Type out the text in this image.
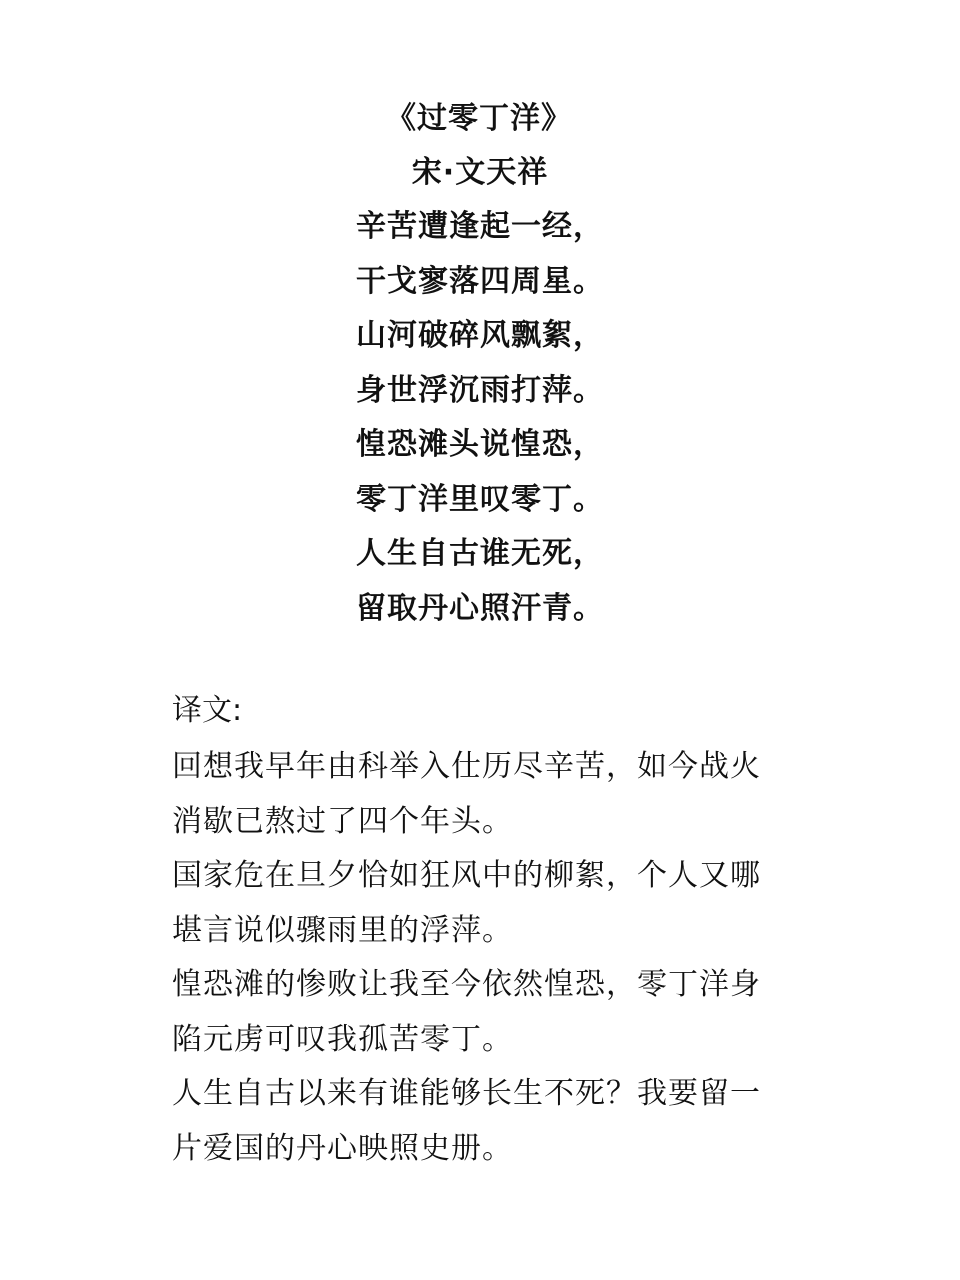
《过零丁洋》
宋·文天祥
辛苦遭逢起一经，
干戈寥落四周星。
山河破碎风飘絮，
身世浮沉雨打萍。
惶恐滩头说惶恐，
零丁洋里叹零丁。
人生自古谁无死，
留取丹心照汗青。
译文:

回想我早年由科举入仕历尽辛苦，如今战火消歇已熬过了四个年头。

国家危在旦夕恰如狂风中的柳絮，个人又哪堪言说似骤雨里的浮萍。

惶恐滩的惨败让我至今依然惶恐，零丁洋身陷元虏可叹我孤苦零丁。

人生自古以来有谁能够长生不死？我要留一片爱国的丹心映照史册。
